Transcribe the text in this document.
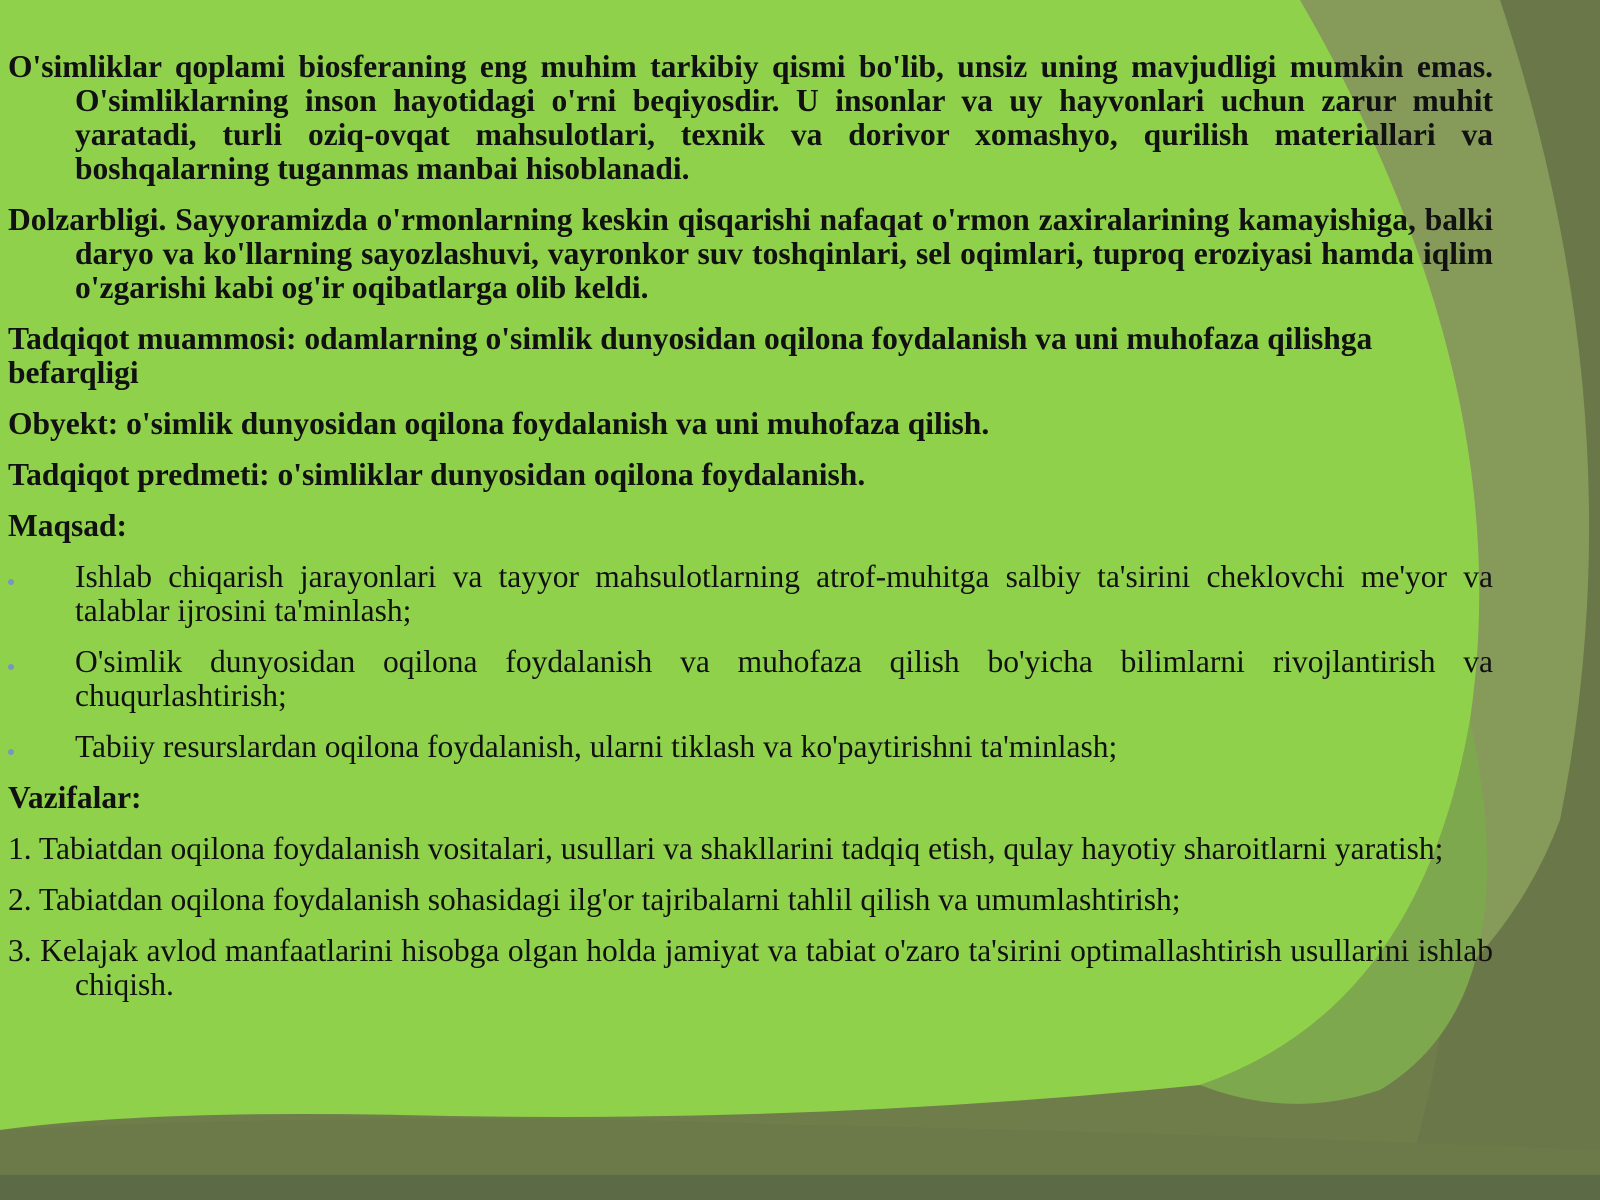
O'simliklar qoplami biosferaning eng muhim tarkibiy qismi bo'lib, unsiz uning mavjudligi mumkin emas. O'simliklarning inson hayotidagi o'rni beqiyosdir. U insonlar va uy hayvonlari uchun zarur muhit yaratadi, turli oziq-ovqat mahsulotlari, texnik va dorivor xomashyo, qurilish materiallari va boshqalarning tuganmas manbai hisoblanadi.

Dolzarbligi. Sayyoramizda o'rmonlarning keskin qisqarishi nafaqat o'rmon zaxiralarining kamayishiga, balki daryo va ko'llarning sayozlashuvi, vayronkor suv toshqinlari, sel oqimlari, tuproq eroziyasi hamda iqlim o'zgarishi kabi og'ir oqibatlarga olib keldi.

Tadqiqot muammosi: odamlarning o'simlik dunyosidan oqilona foydalanish va uni muhofaza qilishga befarqligi

Obyekt: o'simlik dunyosidan oqilona foydalanish va uni muhofaza qilish.

Tadqiqot predmeti: o'simliklar dunyosidan oqilona foydalanish.

Maqsad:

Ishlab chiqarish jarayonlari va tayyor mahsulotlarning atrof-muhitga salbiy ta'sirini cheklovchi me'yor va talablar ijrosini ta'minlash;
O'simlik dunyosidan oqilona foydalanish va muhofaza qilish bo'yicha bilimlarni rivojlantirish va chuqurlashtirish;
Tabiiy resurslardan oqilona foydalanish, ularni tiklash va ko'paytirishni ta'minlash;

Vazifalar:

1. Tabiatdan oqilona foydalanish vositalari, usullari va shakllarini tadqiq etish, qulay hayotiy sharoitlarni yaratish;

2. Tabiatdan oqilona foydalanish sohasidagi ilg'or tajribalarni tahlil qilish va umumlashtirish;

3. Kelajak avlod manfaatlarini hisobga olgan holda jamiyat va tabiat o'zaro ta'sirini optimallashtirish usullarini ishlab chiqish.
